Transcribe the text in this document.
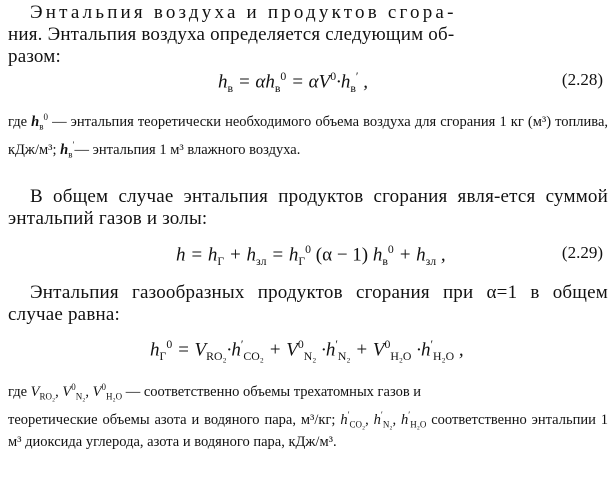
Энтальпия воздуха и продуктов сгора-
ния. Энтальпия воздуха определяется следующим об-
разом:

$h_в = \alpha h_в^0 = \alpha V^0\cdot h_в'$ ,	(2.28)

где $h_в^0$ — энтальпия теоретически необходимого объема воздуха для сгорания 1 кг (м³) топлива, кДж/м³; $h_в'—$ энтальпия 1 м³ влажного воздуха.

В общем случае энтальпия продуктов сгорания явля-ется суммой энтальпий газов и золы:

$h = h_Г + h_{зл} = h_Г^0$ (α − 1) $h_в^0 + h_{зл}$ ,	(2.29)

Энтальпия газообразных продуктов сгорания при α=1 в общем случае равна:

$h_Г^0 = V_{RO_2}\cdot h'_{CO_2} + V^0_{N_2} \cdot h'_{N_2} + V^0_{H_2O} \cdot h'_{H_2O}$ ,

где $V_{RO_2}$, $V^0_{N_2}$, $V^0_{H_2O}$ — соответственно объемы трехатомных газов и
теоретические объемы азота и водяного пара, м³/кг; $h'_{CO_2}$, $h'_{N_2}$, $h'_{H_2O}$ соответственно энтальпии 1 м³ диоксида углерода, азота и водяного пара, кДж/м³.
